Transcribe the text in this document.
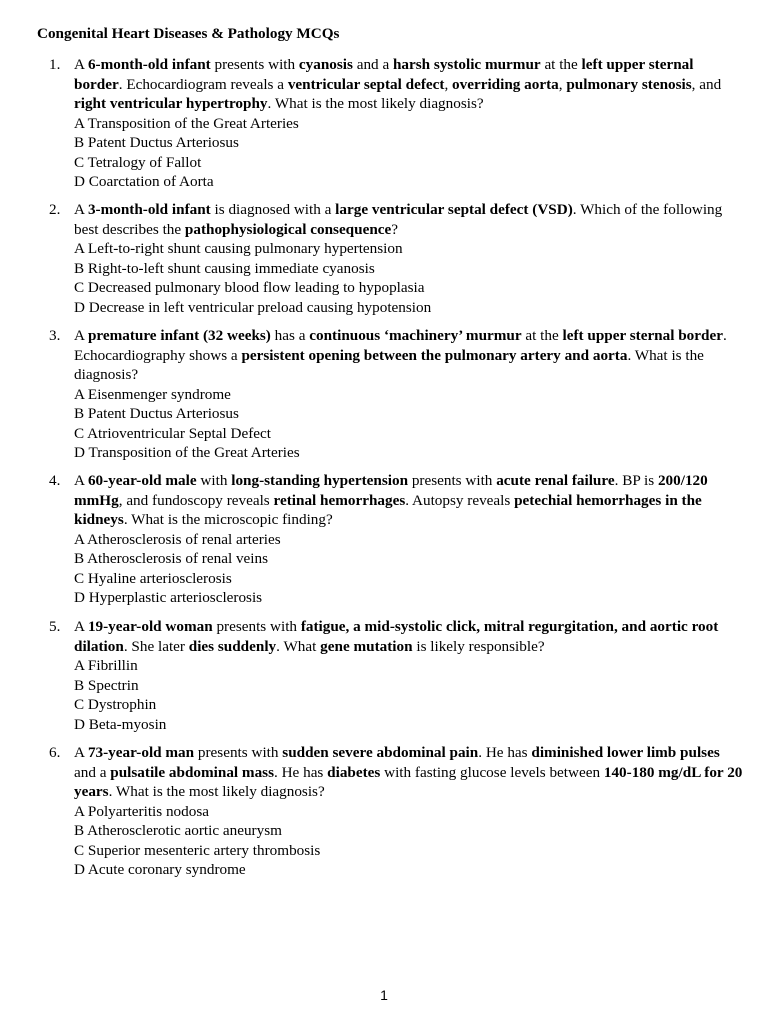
Congenital Heart Diseases & Pathology MCQs
1. A 6-month-old infant presents with cyanosis and a harsh systolic murmur at the left upper sternal border. Echocardiogram reveals a ventricular septal defect, overriding aorta, pulmonary stenosis, and right ventricular hypertrophy. What is the most likely diagnosis?
A Transposition of the Great Arteries
B Patent Ductus Arteriosus
C Tetralogy of Fallot
D Coarctation of Aorta
2. A 3-month-old infant is diagnosed with a large ventricular septal defect (VSD). Which of the following best describes the pathophysiological consequence?
A Left-to-right shunt causing pulmonary hypertension
B Right-to-left shunt causing immediate cyanosis
C Decreased pulmonary blood flow leading to hypoplasia
D Decrease in left ventricular preload causing hypotension
3. A premature infant (32 weeks) has a continuous ‘machinery’ murmur at the left upper sternal border. Echocardiography shows a persistent opening between the pulmonary artery and aorta. What is the diagnosis?
A Eisenmenger syndrome
B Patent Ductus Arteriosus
C Atrioventricular Septal Defect
D Transposition of the Great Arteries
4. A 60-year-old male with long-standing hypertension presents with acute renal failure. BP is 200/120 mmHg, and fundoscopy reveals retinal hemorrhages. Autopsy reveals petechial hemorrhages in the kidneys. What is the microscopic finding?
A Atherosclerosis of renal arteries
B Atherosclerosis of renal veins
C Hyaline arteriosclerosis
D Hyperplastic arteriosclerosis
5. A 19-year-old woman presents with fatigue, a mid-systolic click, mitral regurgitation, and aortic root dilation. She later dies suddenly. What gene mutation is likely responsible?
A Fibrillin
B Spectrin
C Dystrophin
D Beta-myosin
6. A 73-year-old man presents with sudden severe abdominal pain. He has diminished lower limb pulses and a pulsatile abdominal mass. He has diabetes with fasting glucose levels between 140-180 mg/dL for 20 years. What is the most likely diagnosis?
A Polyarteritis nodosa
B Atherosclerotic aortic aneurysm
C Superior mesenteric artery thrombosis
D Acute coronary syndrome
1
